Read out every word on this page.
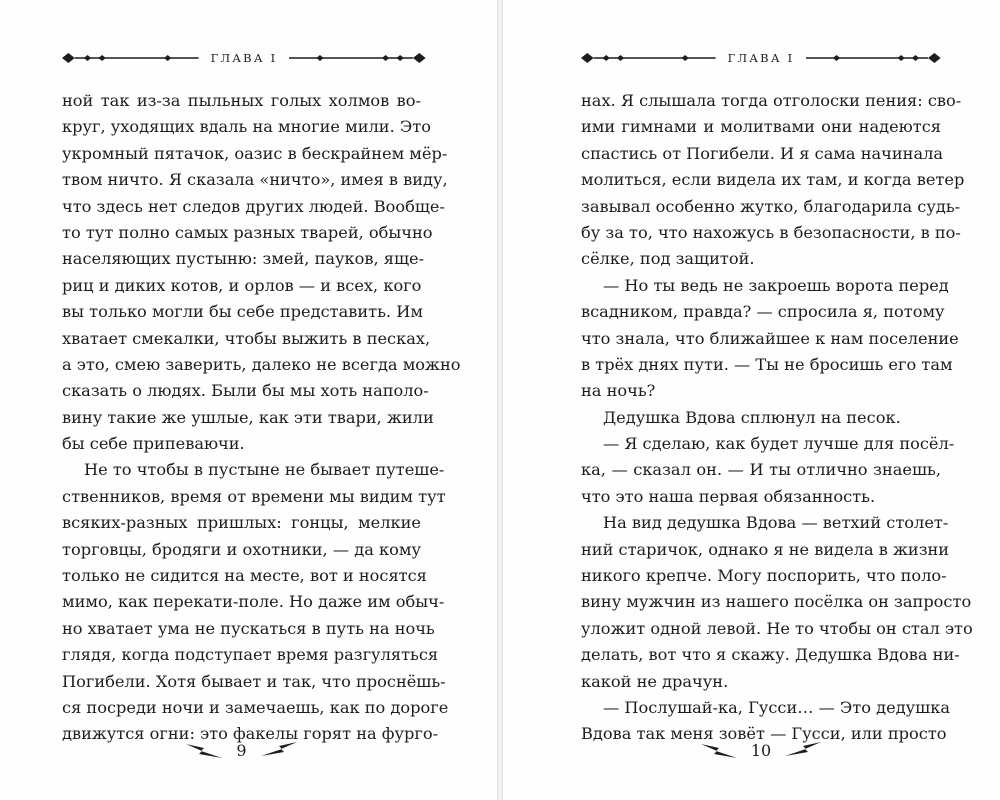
ГЛАВА I
ной так из-за пыльных голых холмов во-
круг, уходящих вдаль на многие мили. Это
укромный пятачок, оазис в бескрайнем мёр-
твом ничто. Я сказала «ничто», имея в виду,
что здесь нет следов других людей. Вообще-
то тут полно самых разных тварей, обычно
населяющих пустыню: змей, пауков, яще-
риц и диких котов, и орлов — и всех, кого
вы только могли бы себе представить. Им
хватает смекалки, чтобы выжить в песках,
а это, смею заверить, далеко не всегда можно
сказать о людях. Были бы мы хоть наполо-
вину такие же ушлые, как эти твари, жили
бы себе припеваючи.
Не то чтобы в пустыне не бывает путеше-
ственников, время от времени мы видим тут
всяких-разных пришлых: гонцы, мелкие
торговцы, бродяги и охотники, — да кому
только не сидится на месте, вот и носятся
мимо, как перекати-поле. Но даже им обыч-
но хватает ума не пускаться в путь на ночь
глядя, когда подступает время разгуляться
Погибели. Хотя бывает и так, что проснёшь-
ся посреди ночи и замечаешь, как по дороге
движутся огни: это факелы горят на фурго-
9
ГЛАВА I
нах. Я слышала тогда отголоски пения: сво-
ими гимнами и молитвами они надеются
спастись от Погибели. И я сама начинала
молиться, если видела их там, и когда ветер
завывал особенно жутко, благодарила судь-
бу за то, что нахожусь в безопасности, в по-
сёлке, под защитой.
— Но ты ведь не закроешь ворота перед
всадником, правда? — спросила я, потому
что знала, что ближайшее к нам поселение
в трёх днях пути. — Ты не бросишь его там
на ночь?
Дедушка Вдова сплюнул на песок.
— Я сделаю, как будет лучше для посёл-
ка, — сказал он. — И ты отлично знаешь,
что это наша первая обязанность.
На вид дедушка Вдова — ветхий столет-
ний старичок, однако я не видела в жизни
никого крепче. Могу поспорить, что поло-
вину мужчин из нашего посёлка он запросто
уложит одной левой. Не то чтобы он стал это
делать, вот что я скажу. Дедушка Вдова ни-
какой не драчун.
— Послушай-ка, Гусси… — Это дедушка
Вдова так меня зовёт — Гусси, или просто
10
